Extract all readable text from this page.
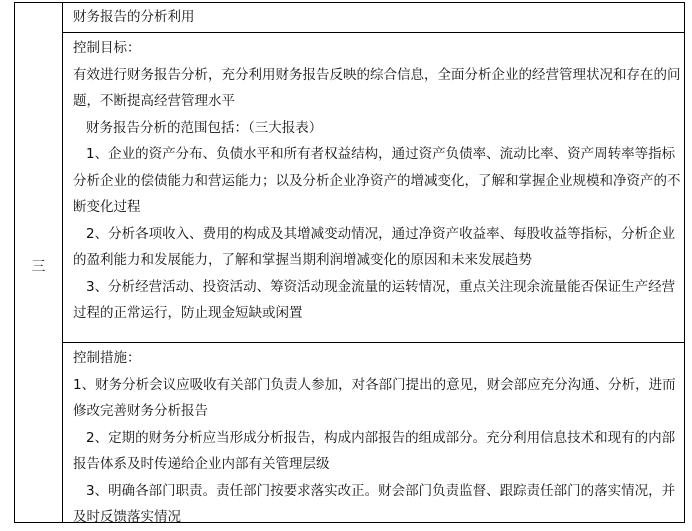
三

财务报告的分析利用

控制目标：

有效进行财务报告分析，充分利用财务报告反映的综合信息，全面分析企业的经营管理状况和存在的问题，不断提高经营管理水平

财务报告分析的范围包括：（三大报表）

1、企业的资产分布、负债水平和所有者权益结构，通过资产负债率、流动比率、资产周转率等指标分析企业的偿债能力和营运能力；以及分析企业净资产的增减变化，了解和掌握企业规模和净资产的不断变化过程

2、分析各项收入、费用的构成及其增减变动情况，通过净资产收益率、每股收益等指标，分析企业的盈利能力和发展能力，了解和掌握当期利润增减变化的原因和未来发展趋势

3、分析经营活动、投资活动、筹资活动现金流量的运转情况，重点关注现余流量能否保证生产经营过程的正常运行，防止现金短缺或闲置

控制措施：

1、财务分析会议应吸收有关部门负责人参加，对各部门提出的意见，财会部应充分沟通、分析，进而修改完善财务分析报告

2、定期的财务分析应当形成分析报告，构成内部报告的组成部分。充分利用信息技术和现有的内部报告体系及时传递给企业内部有关管理层级

3、明确各部门职责。责任部门按要求落实改正。财会部门负责监督、跟踪责任部门的落实情况，并及时反馈落实情况
